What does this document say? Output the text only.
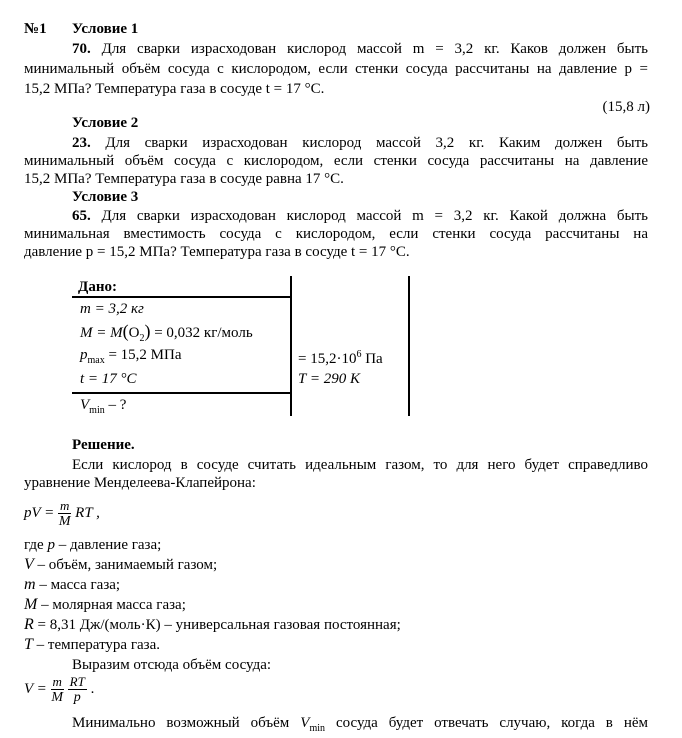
№1 Условие 1
70. Для сварки израсходован кислород массой m = 3,2 кг. Каков должен быть
минимальный объём сосуда с кислородом, если стенки сосуда рассчитаны на давление p =
15,2 МПа? Температура газа в сосуде t = 17 °C.
(15,8 л)
Условие 2
23. Для сварки израсходован кислород массой 3,2 кг. Каким должен быть
минимальный объём сосуда с кислородом, если стенки сосуда рассчитаны на давление
15,2 МПа? Температура газа в сосуде равна 17 °C.
Условие 3
65. Для сварки израсходован кислород массой m = 3,2 кг. Какой должна быть
минимальная вместимость сосуда с кислородом, если стенки сосуда рассчитаны на
давление p = 15,2 МПа? Температура газа в сосуде t = 17 °C.
Дано:
m = 3,2 кг
$M = M(O_2) = 0,032$ кг/моль
$p_{max} = 15,2$ МПа
t = 17 °C
$V_{min}$ – ?
= $15,2\cdot 10^6$ Па
T = 290 К
Решение.
Если кислород в сосуде считать идеальным газом, то для него будет справедливо
уравнение Менделеева-Клапейрона:
pV = $\frac{m}{M}$ RT ,
где p – давление газа;
V – объём, занимаемый газом;
m – масса газа;
M – молярная масса газа;
R = 8,31 Дж/(моль·К) – универсальная газовая постоянная;
T – температура газа.
Выразим отсюда объём сосуда:
$V = \frac{m}{M}$
$\frac{RT}{p}$ .
Минимально возможный объём $V_{min}$ сосуда будет отвечать случаю, когда в нём
